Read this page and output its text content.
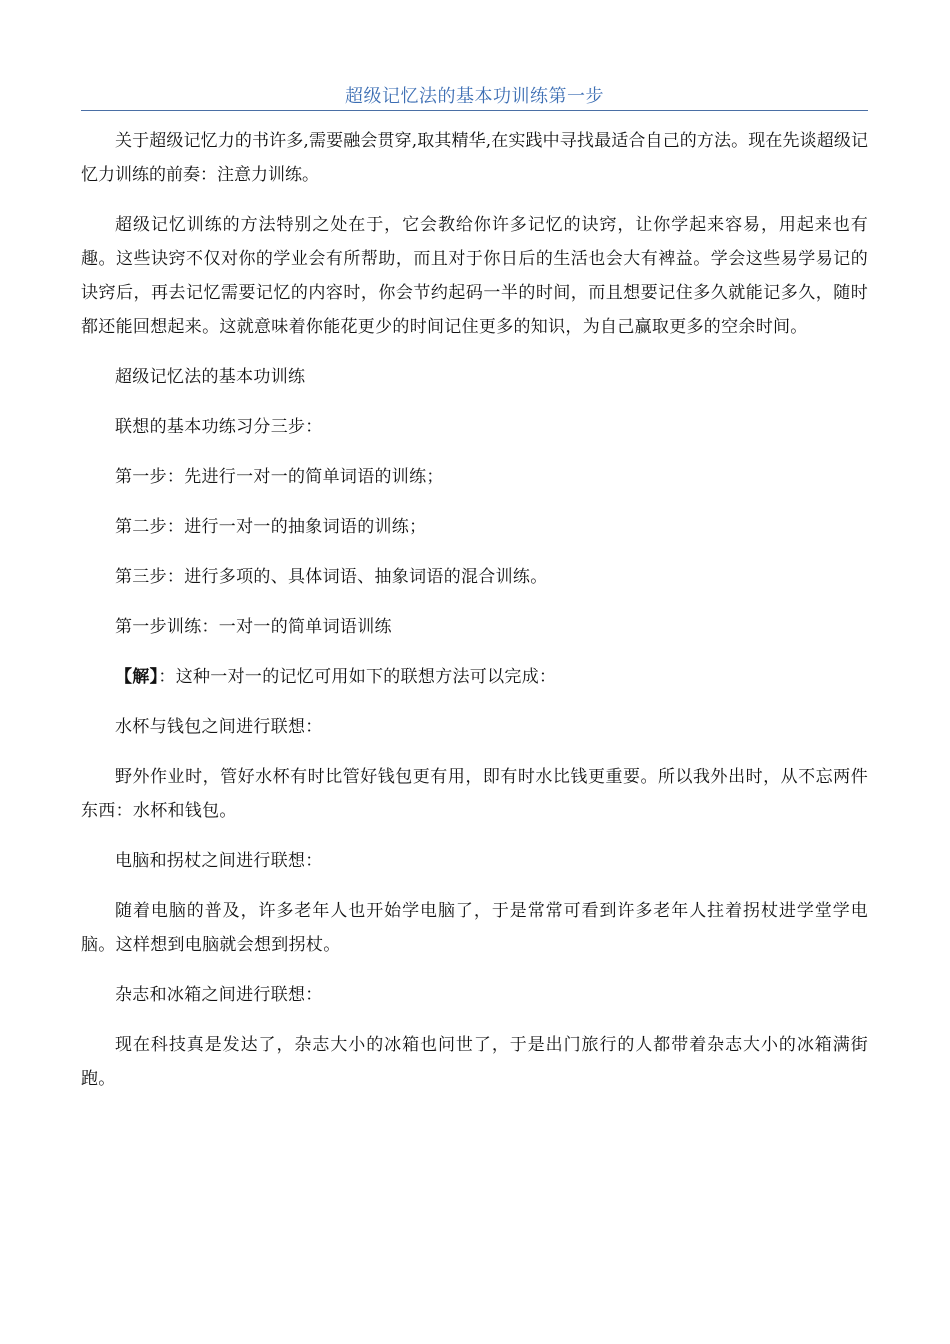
超级记忆法的基本功训练第一步

关于超级记忆力的书许多,需要融会贯穿,取其精华,在实践中寻找最适合自己的方法。现在先谈超级记忆力训练的前奏：注意力训练。

超级记忆训练的方法特别之处在于，它会教给你许多记忆的诀窍，让你学起来容易，用起来也有趣。这些诀窍不仅对你的学业会有所帮助，而且对于你日后的生活也会大有裨益。学会这些易学易记的诀窍后，再去记忆需要记忆的内容时，你会节约起码一半的时间，而且想要记住多久就能记多久，随时都还能回想起来。这就意味着你能花更少的时间记住更多的知识，为自己赢取更多的空余时间。

超级记忆法的基本功训练

联想的基本功练习分三步：

第一步：先进行一对一的简单词语的训练；

第二步：进行一对一的抽象词语的训练；

第三步：进行多项的、具体词语、抽象词语的混合训练。

第一步训练：一对一的简单词语训练

【解】：这种一对一的记忆可用如下的联想方法可以完成：

水杯与钱包之间进行联想：

野外作业时，管好水杯有时比管好钱包更有用，即有时水比钱更重要。所以我外出时，从不忘两件东西：水杯和钱包。

电脑和拐杖之间进行联想：

随着电脑的普及，许多老年人也开始学电脑了，于是常常可看到许多老年人拄着拐杖进学堂学电脑。这样想到电脑就会想到拐杖。

杂志和冰箱之间进行联想：

现在科技真是发达了，杂志大小的冰箱也问世了，于是出门旅行的人都带着杂志大小的冰箱满街跑。
